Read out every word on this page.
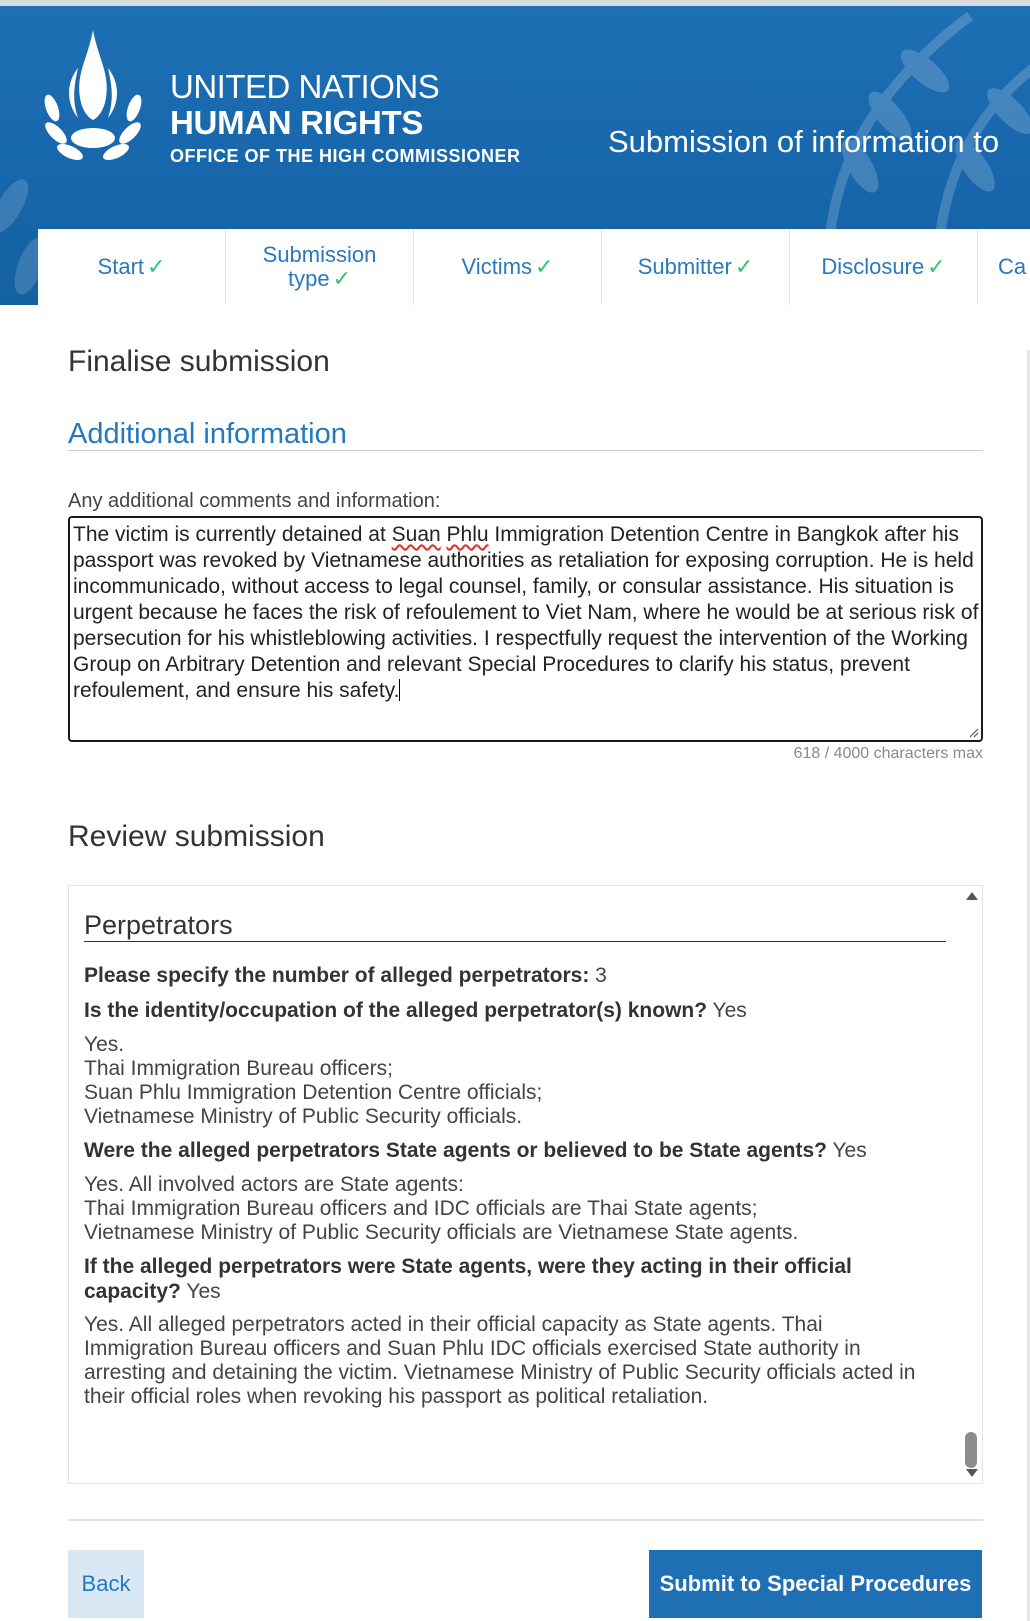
UNITED NATIONS
HUMAN RIGHTS
OFFICE OF THE HIGH COMMISSIONER	Submission of information to
Start ✓	Submission type ✓	Victims ✓	Submitter ✓	Disclosure ✓ Ca
Finalise submission
Additional information
Any additional comments and information:
The victim is currently detained at Suan Phlu Immigration Detention Centre in Bangkok after his passport was revoked by Vietnamese authorities as retaliation for exposing corruption. He is held incommunicado, without access to legal counsel, family, or consular assistance. His situation is urgent because he faces the risk of refoulement to Viet Nam, where he would be at serious risk of persecution for his whistleblowing activities. I respectfully request the intervention of the Working Group on Arbitrary Detention and relevant Special Procedures to clarify his status, prevent refoulement, and ensure his safety.
618 / 4000 characters max
Review submission
Perpetrators
Please specify the number of alleged perpetrators: 3
Is the identity/occupation of the alleged perpetrator(s) known? Yes
Yes.
Thai Immigration Bureau officers;
Suan Phlu Immigration Detention Centre officials;
Vietnamese Ministry of Public Security officials.
Were the alleged perpetrators State agents or believed to be State agents? Yes
Yes. All involved actors are State agents:
Thai Immigration Bureau officers and IDC officials are Thai State agents;
Vietnamese Ministry of Public Security officials are Vietnamese State agents.
If the alleged perpetrators were State agents, were they acting in their official capacity? Yes
Yes. All alleged perpetrators acted in their official capacity as State agents. Thai Immigration Bureau officers and Suan Phlu IDC officials exercised State authority in arresting and detaining the victim. Vietnamese Ministry of Public Security officials acted in their official roles when revoking his passport as political retaliation.
Back	Submit to Special Procedures
